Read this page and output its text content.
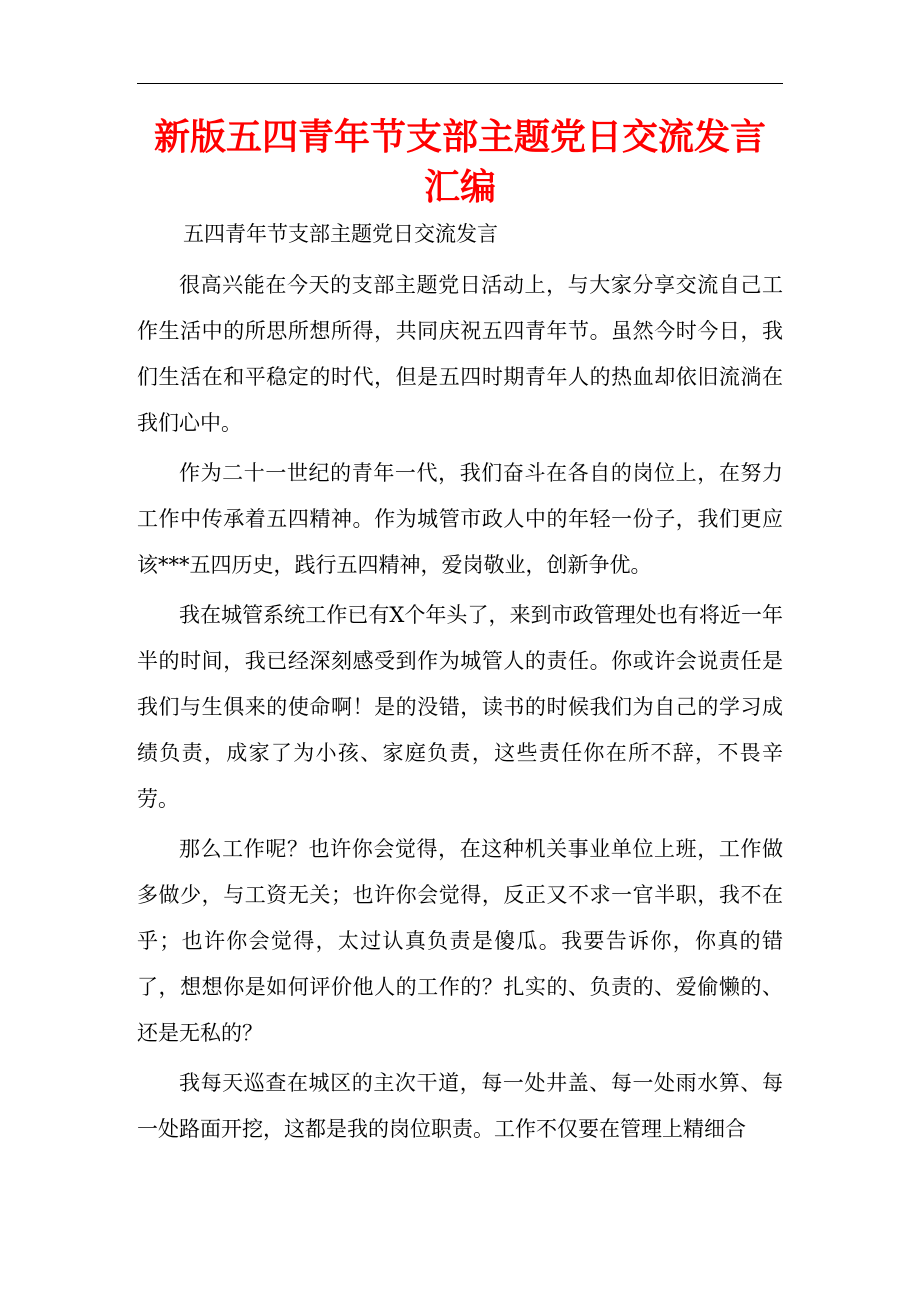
新版五四青年节支部主题党日交流发言汇编

五四青年节支部主题党日交流发言

很高兴能在今天的支部主题党日活动上，与大家分享交流自己工作生活中的所思所想所得，共同庆祝五四青年节。虽然今时今日，我们生活在和平稳定的时代，但是五四时期青年人的热血却依旧流淌在我们心中。

作为二十一世纪的青年一代，我们奋斗在各自的岗位上，在努力工作中传承着五四精神。作为城管市政人中的年轻一份子，我们更应该***五四历史，践行五四精神，爱岗敬业，创新争优。

我在城管系统工作已有X个年头了，来到市政管理处也有将近一年半的时间，我已经深刻感受到作为城管人的责任。你或许会说责任是我们与生俱来的使命啊！是的没错，读书的时候我们为自己的学习成绩负责，成家了为小孩、家庭负责，这些责任你在所不辞，不畏辛劳。

那么工作呢？也许你会觉得，在这种机关事业单位上班，工作做多做少，与工资无关；也许你会觉得，反正又不求一官半职，我不在乎；也许你会觉得，太过认真负责是傻瓜。我要告诉你，你真的错了，想想你是如何评价他人的工作的？扎实的、负责的、爱偷懒的、还是无私的？

我每天巡查在城区的主次干道，每一处井盖、每一处雨水箅、每一处路面开挖，这都是我的岗位职责。工作不仅要在管理上精细合
